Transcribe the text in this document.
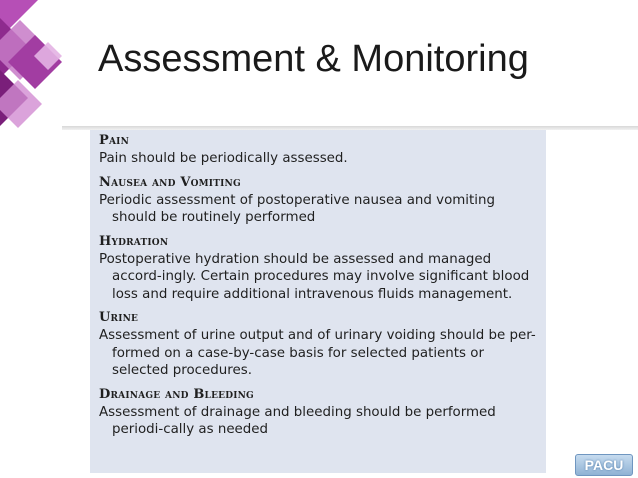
Assessment & Monitoring
Pain
Pain should be periodically assessed.
Nausea and Vomiting
Periodic assessment of postoperative nausea and vomiting should be routinely performed
Hydration
Postoperative hydration should be assessed and managed accord-ingly. Certain procedures may involve significant blood loss and require additional intravenous fluids management.
Urine
Assessment of urine output and of urinary voiding should be per-formed on a case-by-case basis for selected patients or selected procedures.
Drainage and Bleeding
Assessment of drainage and bleeding should be performed periodi-cally as needed
PACU
